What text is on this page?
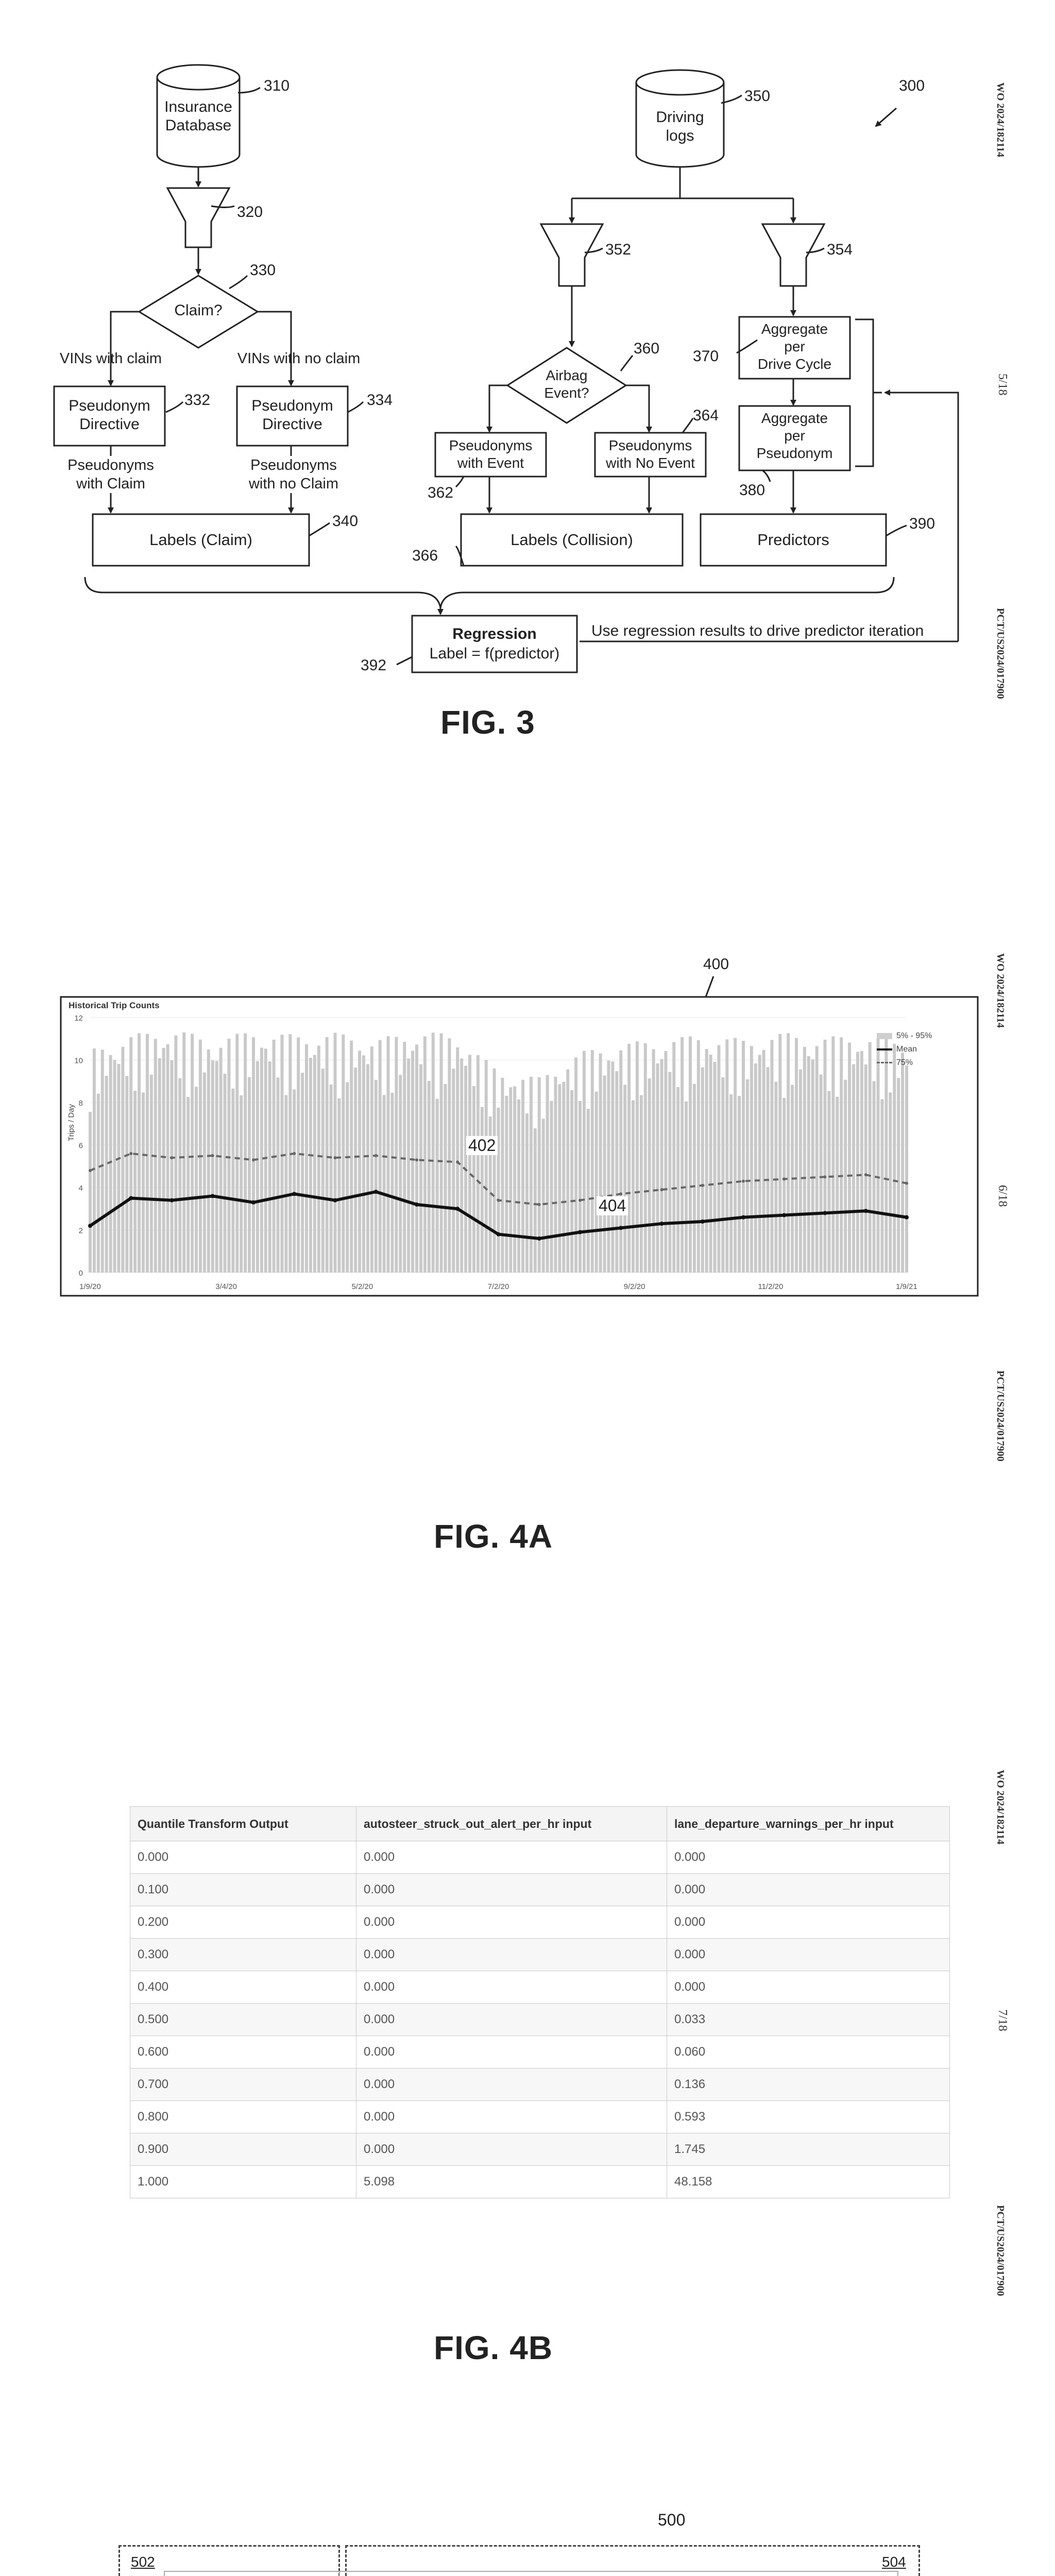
Insurance
Database
310
320
Claim?
330
VINs with claim	VINs with no claim
Pseudonym
Directive
Pseudonym
Directive
332	334
Pseudonyms
with Claim
Pseudonyms
with no Claim
Labels (Claim)
340
Driving
logs
350
300
352	354
Airbag
Event?
360
Pseudonyms
with Event
Pseudonyms
with No Event
362
364
Labels (Collision)
366
Aggregate
per
Drive Cycle
370
Aggregate
per
Pseudonym
380
Predictors
390
Regression
Label = f(predictor)
392
Use regression results to drive predictor iteration
FIG. 3
400
0
2
4
6
8
10
12
1/9/20	3/4/20	5/2/20	7/2/20	9/2/20	11/2/20	1/9/21
Historical Trip Counts
Trips / Day
5% - 95%
Mean
75%
402
404
FIG. 4A
Quantile Transform Output	autosteer_struck_out_alert_per_hr input	lane_departure_warnings_per_hr input
0.000	0.000	0.000
0.100	0.000	0.000
0.200	0.000	0.000
0.300	0.000	0.000
0.400	0.000	0.000
0.500	0.000	0.033
0.600	0.000	0.060
0.700	0.000	0.136
0.800	0.000	0.593
0.900	0.000	1.745
1.000	5.098	48.158
FIG. 4B
500
502	504

WO 2024/182114
5/18
PCT/US2024/017900
WO 2024/182114
6/18
PCT/US2024/017900
WO 2024/182114
7/18
PCT/US2024/017900
